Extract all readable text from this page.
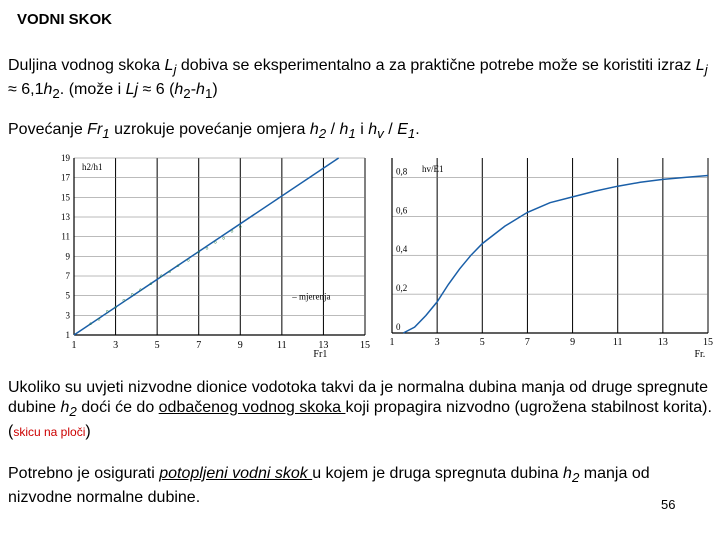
VODNI SKOK
Duljina vodnog skoka $L_j$ dobiva se eksperimentalno a za praktične potrebe može se koristiti izraz $L_j \approx 6,1h_2$. (može i Lj ≈ 6 $(h_2-h_1)$
Povećanje $Fr_1$ uzrokuje povećanje omjera $h_2 / h_1$ i $h_v / E_1$.
1	3	5	7	9	11	13	15
1
3
5
7
9
11
13
15
17
19
h2/h1
Fr1
– mjerenja
°
°
° °
°
°
°
°
° °
°
°
° °
° °
°
°
1	3	5	7	9	11	13	15
0
0,2
0,4
0,6
0,8 hv/E1
Fr.
Ukoliko su uvjeti nizvodne dionice vodotoka takvi da je normalna dubina manja od druge spregnute dubine $h_2$ doći će do odbačenog vodnog skoka koji propagira nizvodno (ugrožena stabilnost korita). (skicu na ploči)
Potrebno je osigurati potopljeni vodni skok u kojem je druga spregnuta dubina $h_2$ manja od nizvodne normalne dubine.	56
